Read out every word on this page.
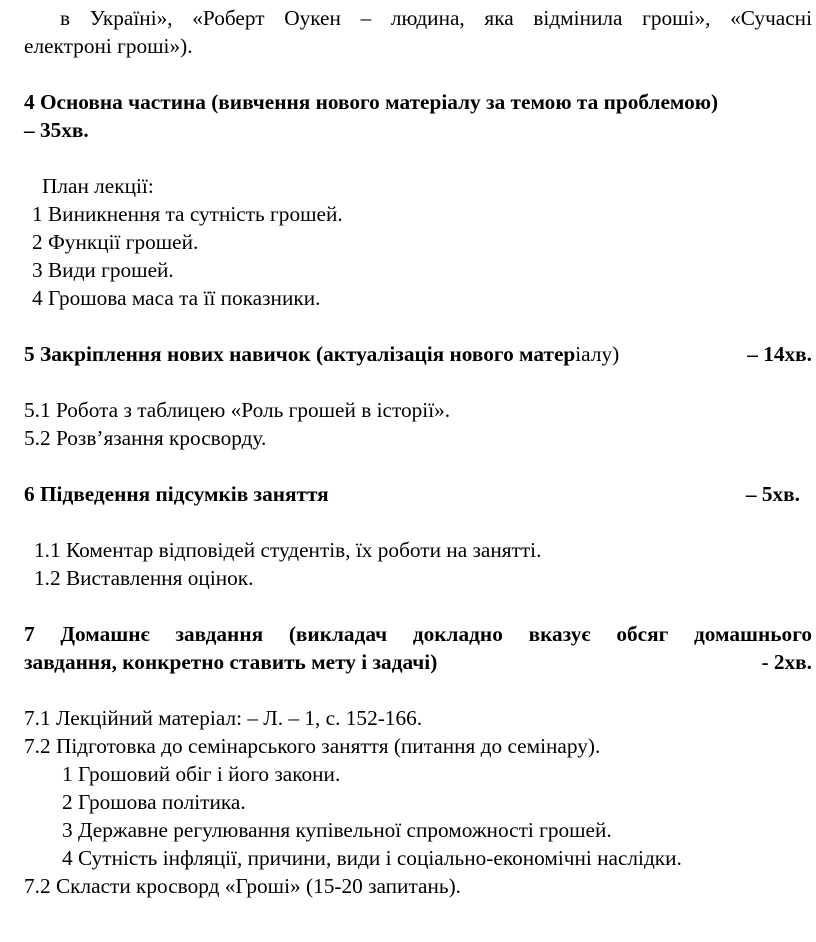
в Україні», «Роберт Оукен – людина, яка відмінила гроші», «Сучасні
електроні гроші»).
4 Основна частина (вивчення нового матеріалу за темою та проблемою)
– 35хв.
План лекції:
1 Виникнення та сутність грошей.
2 Функції грошей.
3 Види грошей.
4 Грошова маса та її показники.
5 Закріплення нових навичок (актуалізація нового матеріалу)	– 14хв.
5.1 Робота з таблицею «Роль грошей в історії».
5.2 Розв’язання кросворду.
6 Підведення підсумків заняття	– 5хв.
1.1 Коментар відповідей студентів, їх роботи на занятті.
1.2 Виставлення оцінок.
7 Домашнє завдання (викладач докладно вказує обсяг домашнього
завдання, конкретно ставить мету і задачі)	- 2хв.
7.1 Лекційний матеріал: – Л. – 1, с. 152-166.
7.2 Підготовка до семінарського заняття (питання до семінару).
1 Грошовий обіг і його закони.
2 Грошова політика.
3 Державне регулювання купівельної спроможності грошей.
4 Сутність інфляції, причини, види і соціально-економічні наслідки.
7.2 Скласти кросворд «Гроші» (15-20 запитань).
